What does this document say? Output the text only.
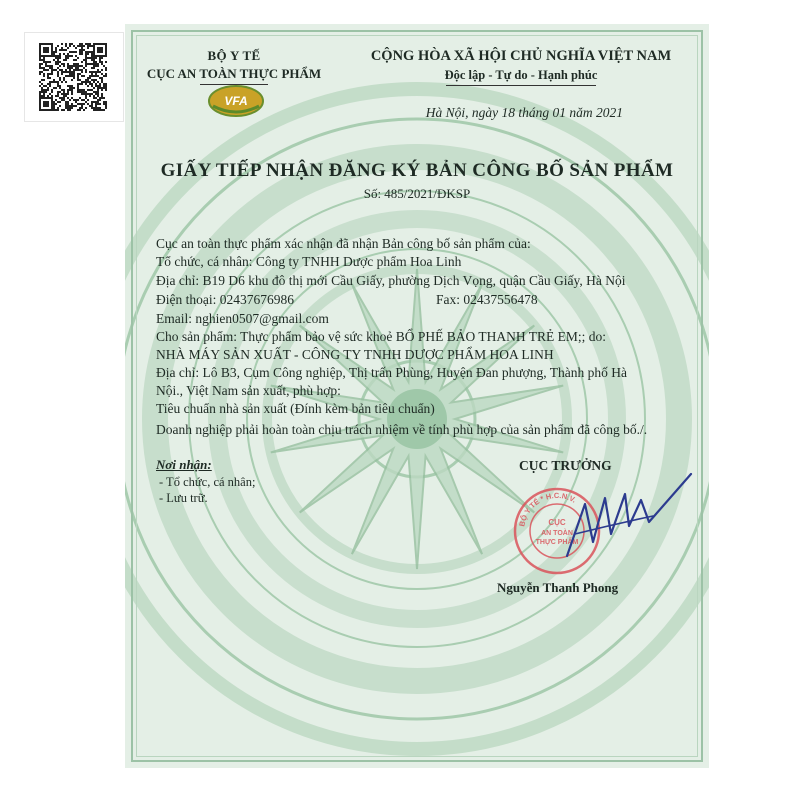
BỘ Y TẾ
CỤC AN TOÀN THỰC PHẨM
VFA
CỘNG HÒA XÃ HỘI CHỦ NGHĨA VIỆT NAM
Độc lập - Tự do - Hạnh phúc
Hà Nội, ngày 18 tháng 01 năm 2021
GIẤY TIẾP NHẬN ĐĂNG KÝ BẢN CÔNG BỐ SẢN PHẨM
Số: 485/2021/ĐKSP
Cục an toàn thực phẩm xác nhận đã nhận Bản công bố sản phẩm của:
Tổ chức, cá nhân: Công ty TNHH Dược phẩm Hoa Linh
Địa chỉ: B19 D6 khu đô thị mới Cầu Giấy, phường Dịch Vọng, quận Cầu Giấy, Hà Nội
Điện thoại: 02437676986	Fax: 02437556478
Email: nghien0507@gmail.com
Cho sản phẩm: Thực phẩm bảo vệ sức khoẻ BỔ PHẾ BẢO THANH TRẺ EM;; do:
NHÀ MÁY SẢN XUẤT - CÔNG TY TNHH DƯỢC PHẨM HOA LINH
Địa chỉ: Lô B3, Cụm Công nghiệp, Thị trấn Phùng, Huyện Đan phượng, Thành phố Hà
Nội., Việt Nam sản xuất, phù hợp:
Tiêu chuẩn nhà sản xuất (Đính kèm bản tiêu chuẩn)
Doanh nghiệp phải hoàn toàn chịu trách nhiệm về tính phù hợp của sản phẩm đã công bố./.
Nơi nhận:
- Tổ chức, cá nhân;
- Lưu trữ.
CỤC TRƯỞNG
BỘ Y TẾ * H.C.N.V.
CỤC
AN TOÀN
THỰC PHẨM
Nguyễn Thanh Phong
